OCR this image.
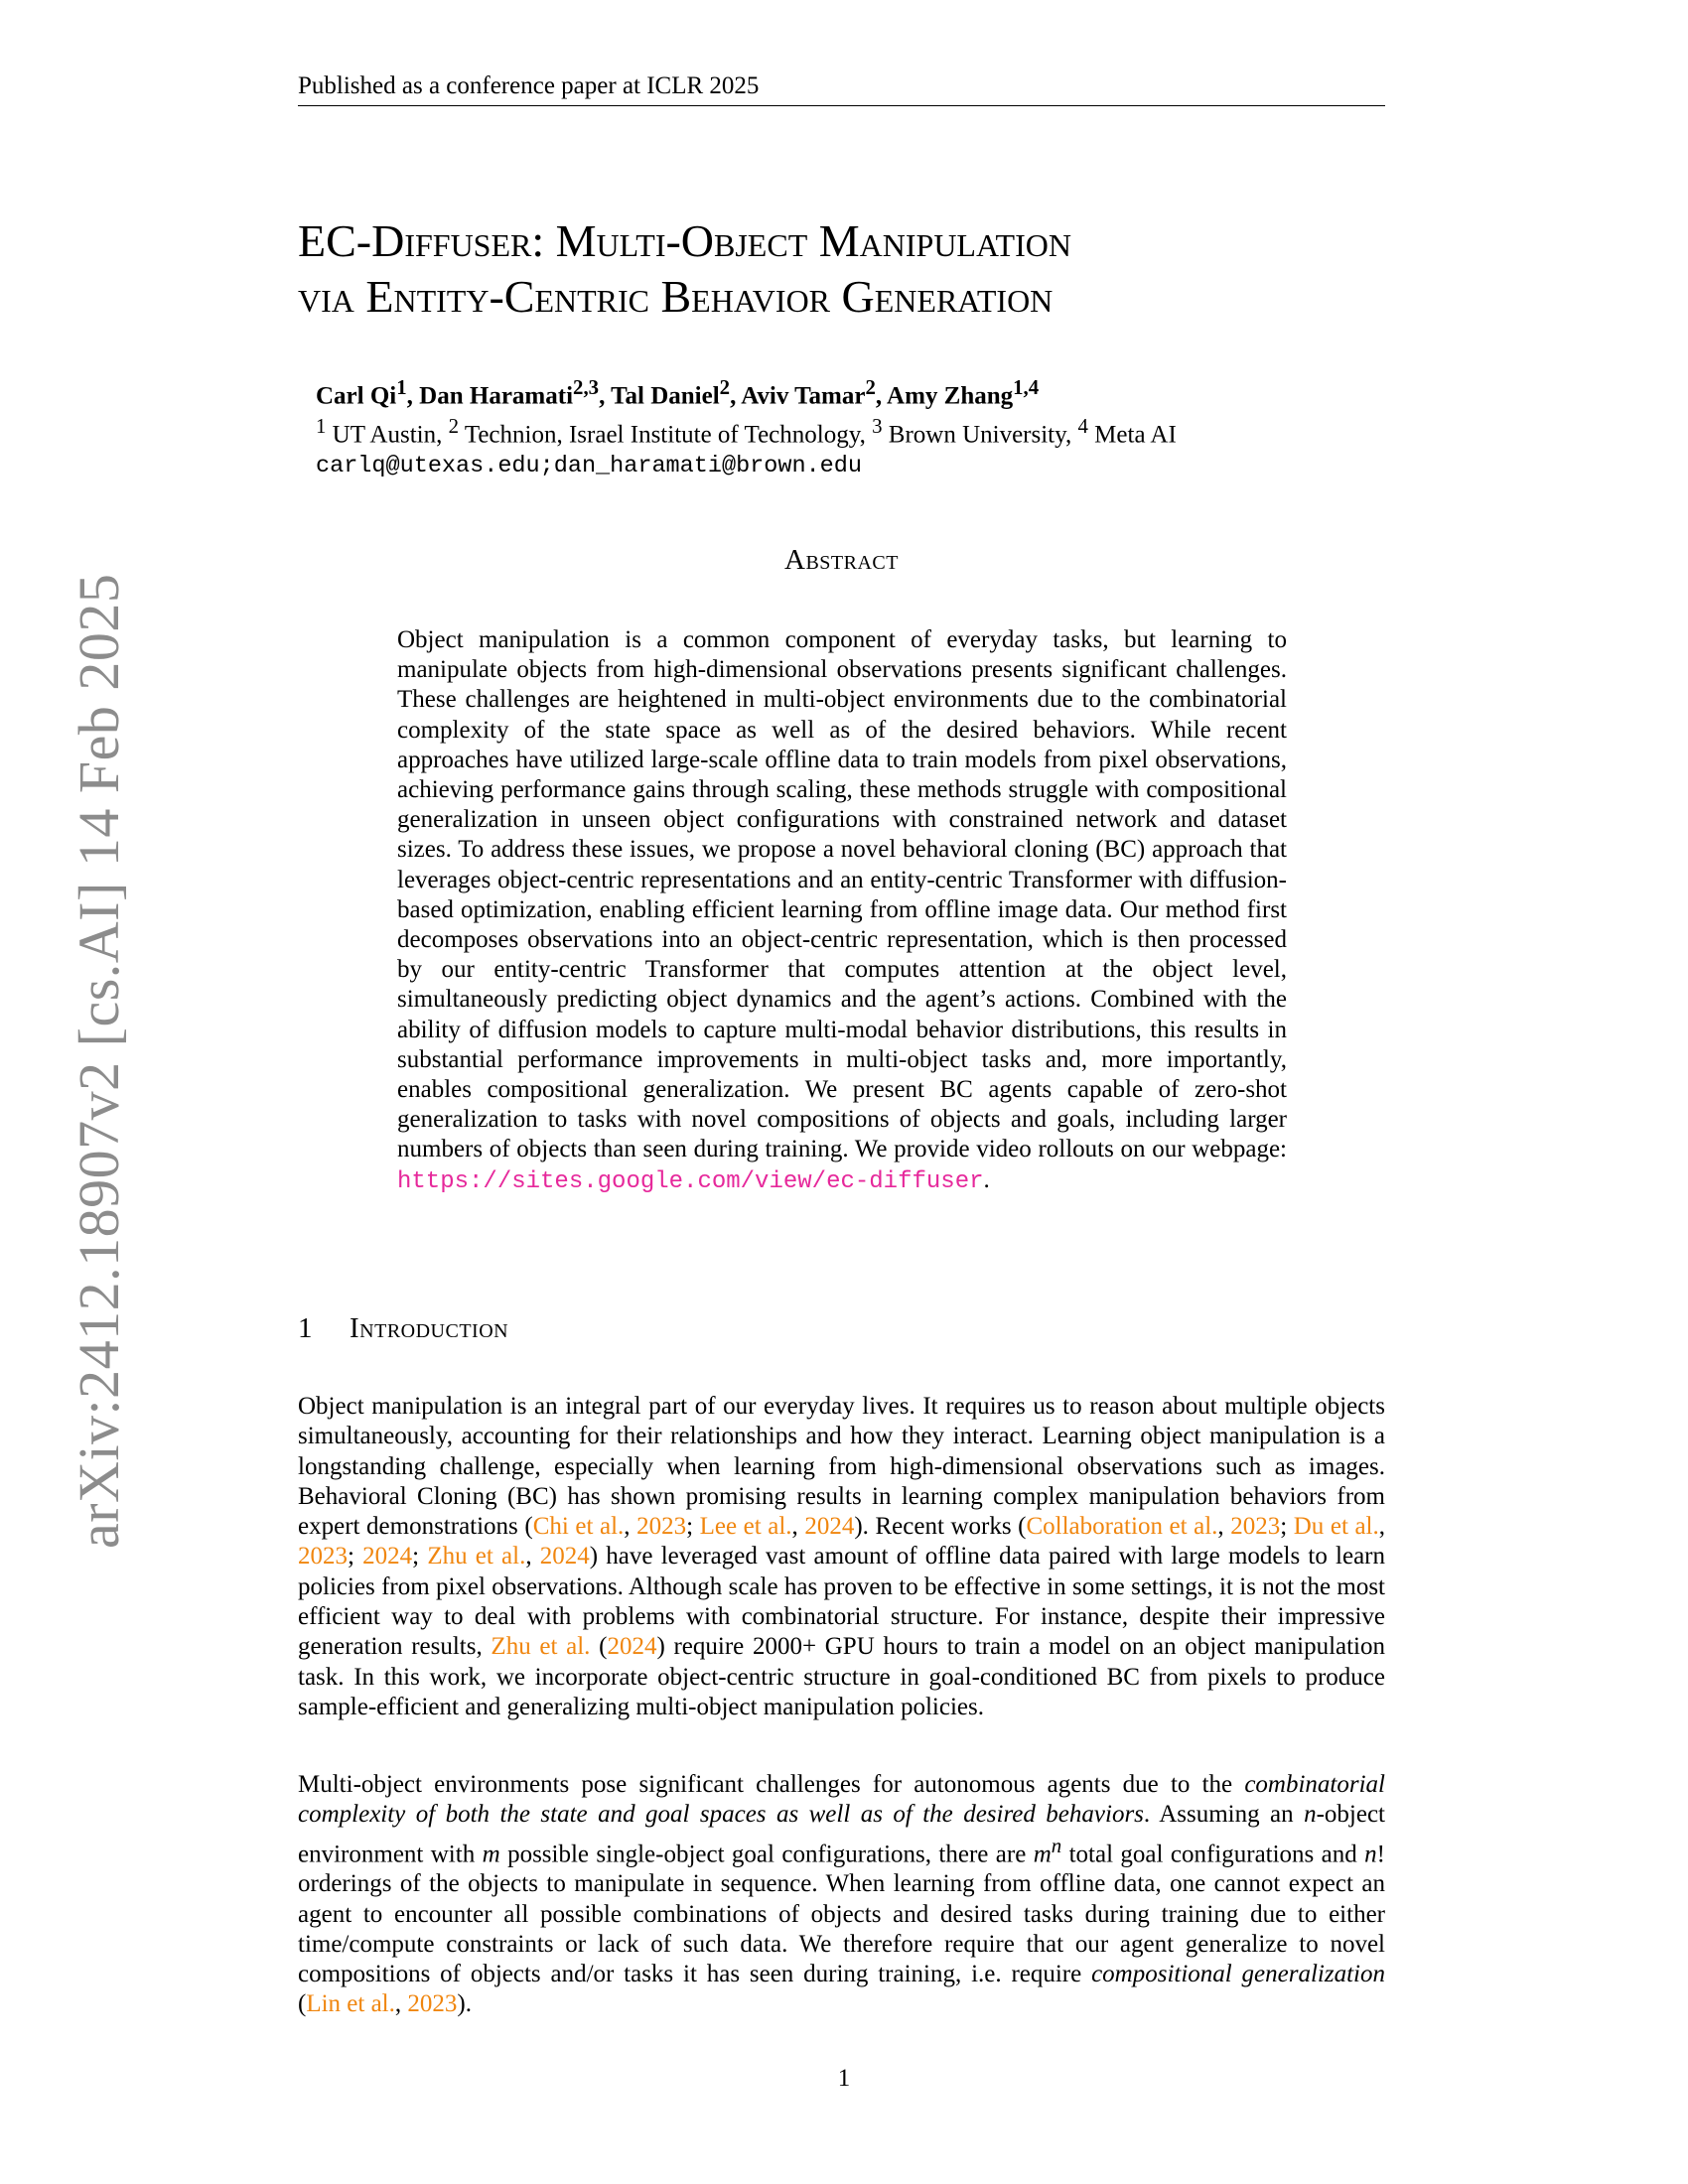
Published as a conference paper at ICLR 2025
arXiv:2412.18907v2 [cs.AI] 14 Feb 2025
EC-Diffuser: Multi-Object Manipulation
via Entity-Centric Behavior Generation
Carl Qi$^1$, Dan Haramati$^{2,3}$, Tal Daniel$^2$, Aviv Tamar$^2$, Amy Zhang$^{1,4}$
$^1$ UT Austin, $^2$ Technion, Israel Institute of Technology, $^3$ Brown University, $^4$ Meta AI
carlq@utexas.edu;dan_haramati@brown.edu
Abstract

Object manipulation is a common component of everyday tasks, but learning to manipulate objects from high-dimensional observations presents significant challenges. These challenges are heightened in multi-object environments due to the combinatorial complexity of the state space as well as of the desired behaviors. While recent approaches have utilized large-scale offline data to train models from pixel observations, achieving performance gains through scaling, these methods struggle with compositional generalization in unseen object configurations with constrained network and dataset sizes. To address these issues, we propose a novel behavioral cloning (BC) approach that leverages object-centric representations and an entity-centric Transformer with diffusion-based optimization, enabling efficient learning from offline image data. Our method first decomposes observations into an object-centric representation, which is then processed by our entity-centric Transformer that computes attention at the object level, simultaneously predicting object dynamics and the agent’s actions. Combined with the ability of diffusion models to capture multi-modal behavior distributions, this results in substantial performance improvements in multi-object tasks and, more importantly, enables compositional generalization. We present BC agents capable of zero-shot generalization to tasks with novel compositions of objects and goals, including larger numbers of objects than seen during training. We provide video rollouts on our webpage: https://sites.google.com/view/ec-diffuser.

1 Introduction

Object manipulation is an integral part of our everyday lives. It requires us to reason about multiple objects simultaneously, accounting for their relationships and how they interact. Learning object manipulation is a longstanding challenge, especially when learning from high-dimensional observations such as images. Behavioral Cloning (BC) has shown promising results in learning complex manipulation behaviors from expert demonstrations (Chi et al., 2023; Lee et al., 2024). Recent works (Collaboration et al., 2023; Du et al., 2023; 2024; Zhu et al., 2024) have leveraged vast amount of offline data paired with large models to learn policies from pixel observations. Although scale has proven to be effective in some settings, it is not the most efficient way to deal with problems with combinatorial structure. For instance, despite their impressive generation results, Zhu et al. (2024) require 2000+ GPU hours to train a model on an object manipulation task. In this work, we incorporate object-centric structure in goal-conditioned BC from pixels to produce sample-efficient and generalizing multi-object manipulation policies.

Multi-object environments pose significant challenges for autonomous agents due to the combinatorial complexity of both the state and goal spaces as well as of the desired behaviors. Assuming an n-object environment with m possible single-object goal configurations, there are $m^n$ total goal configurations and n! orderings of the objects to manipulate in sequence. When learning from offline data, one cannot expect an agent to encounter all possible combinations of objects and desired tasks during training due to either time/compute constraints or lack of such data. We therefore require that our agent generalize to novel compositions of objects and/or tasks it has seen during training, i.e. require compositional generalization (Lin et al., 2023).

1
